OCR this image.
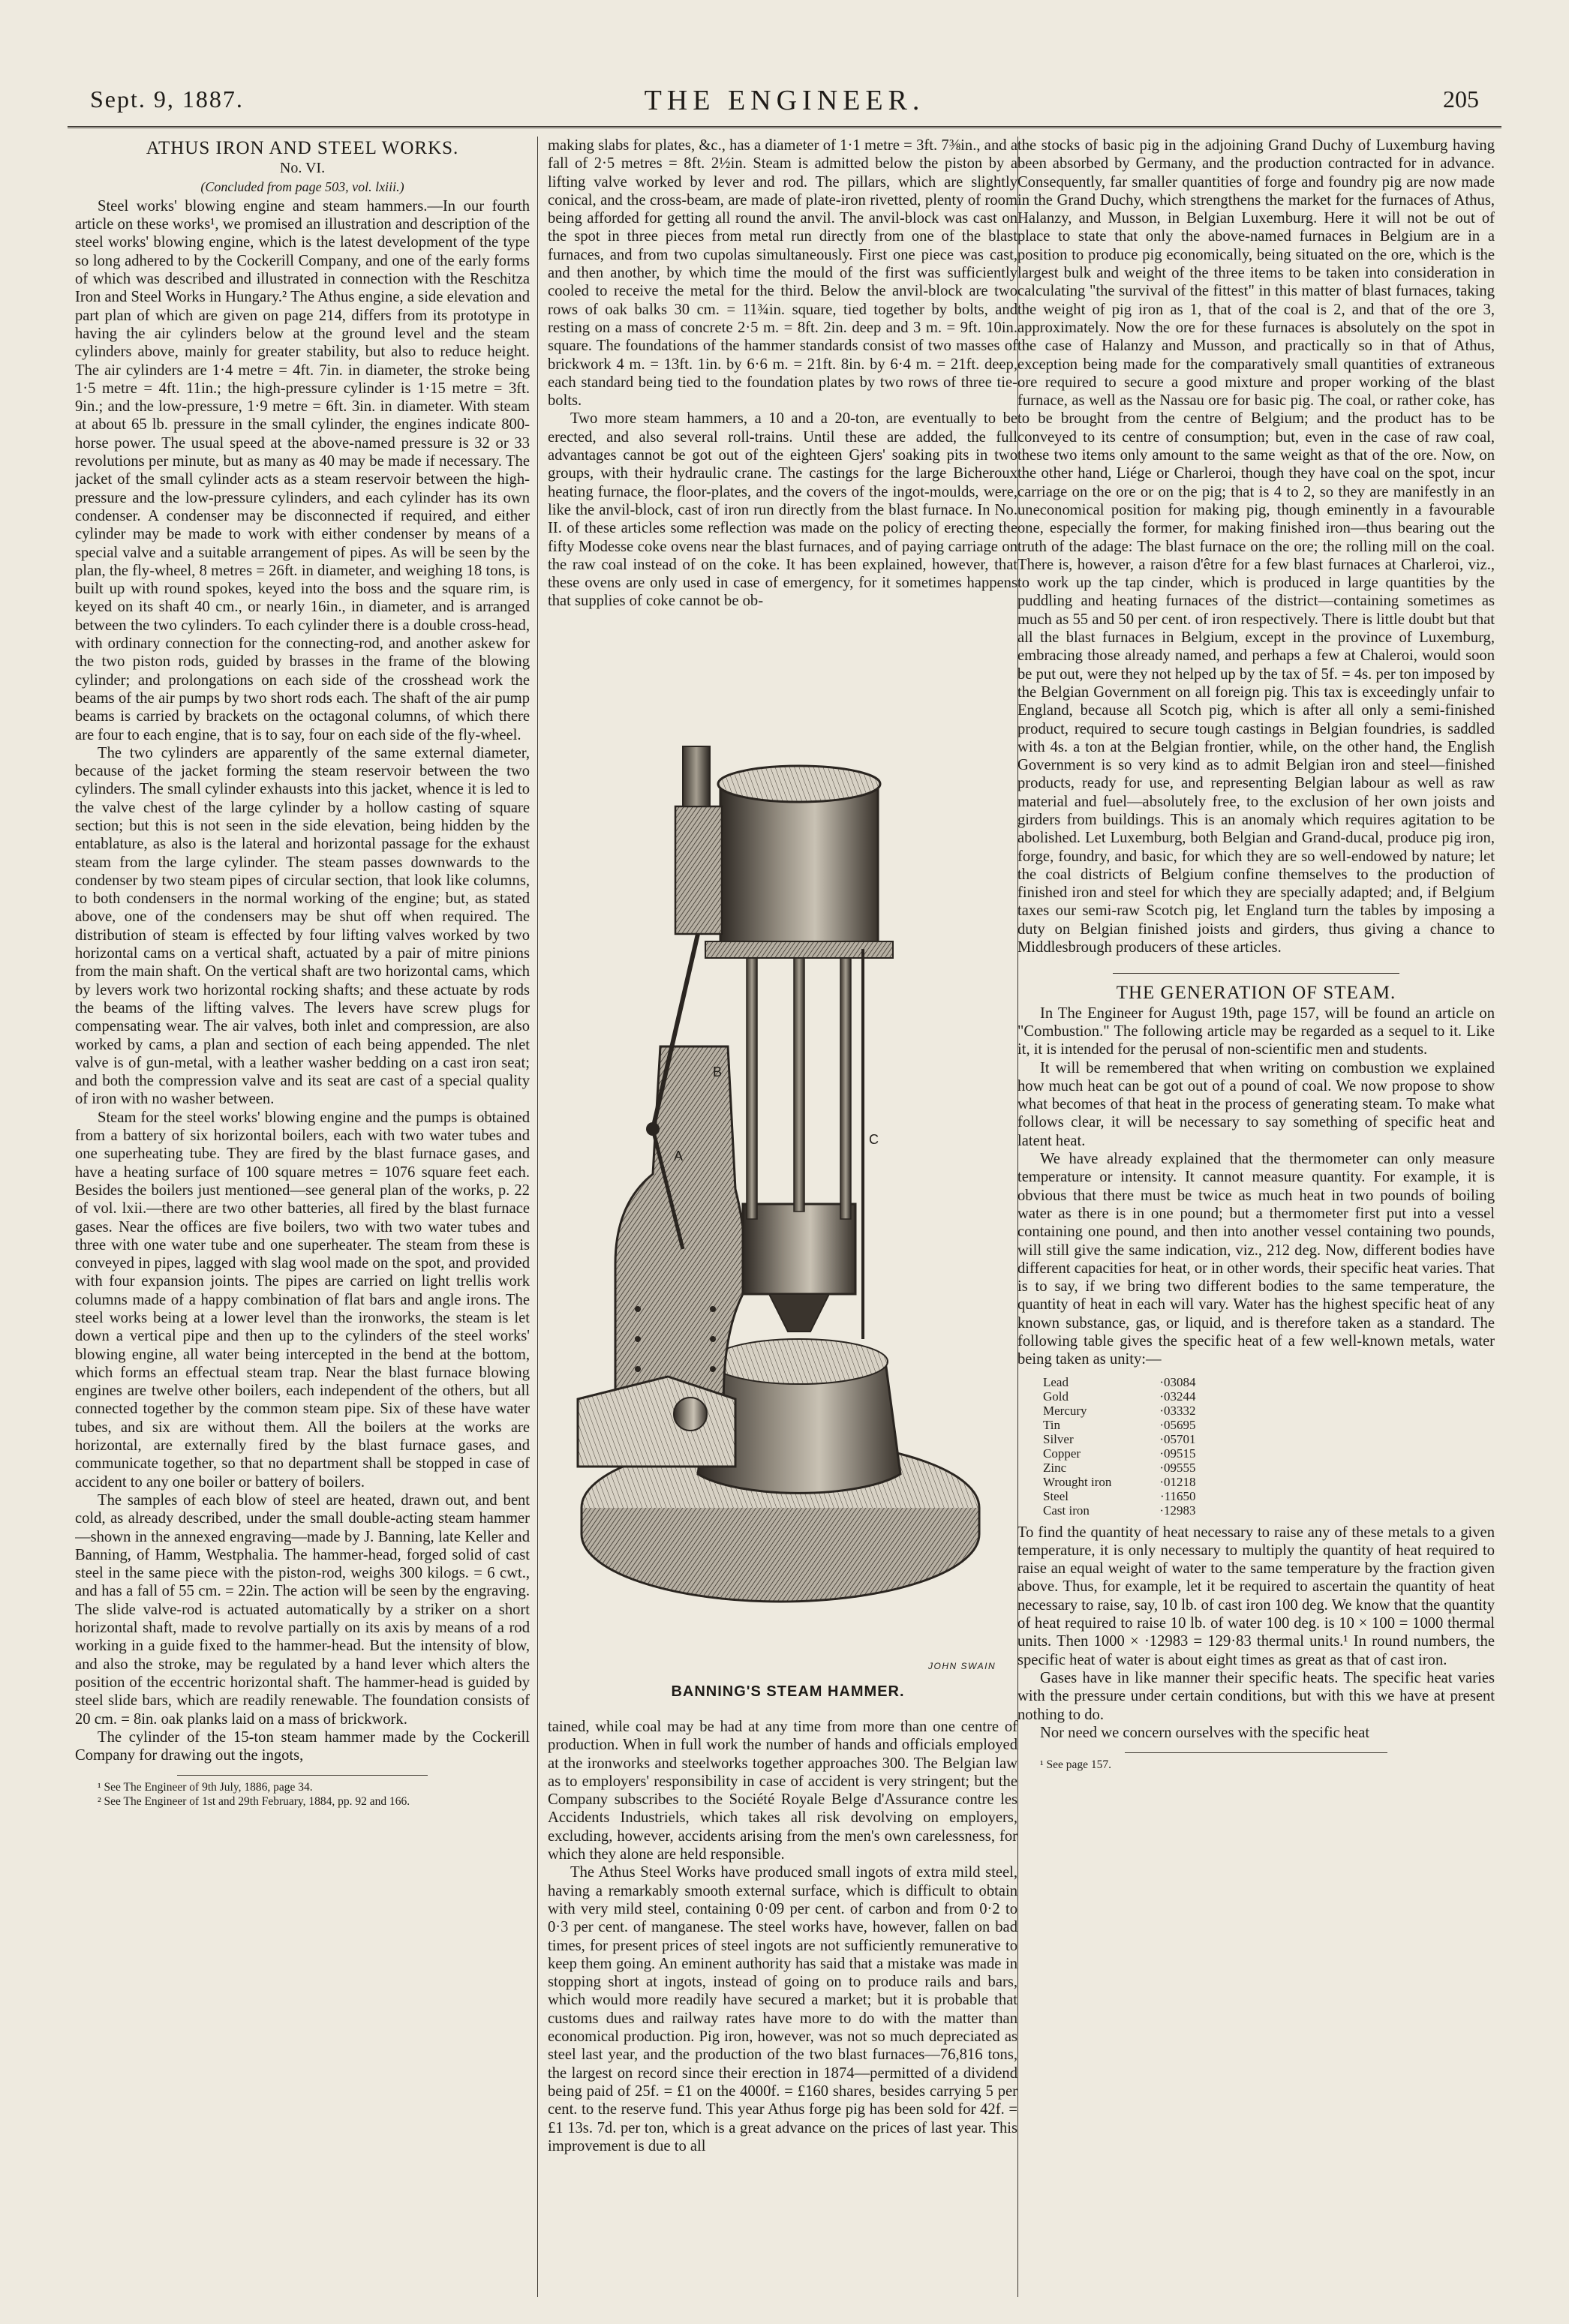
Sept. 9, 1887.	THE ENGINEER.	205
ATHUS IRON AND STEEL WORKS.
No. VI.
(Concluded from page 503, vol. lxiii.)

Steel works' blowing engine and steam hammers.—In our fourth article on these works¹, we promised an illustration and description of the steel works' blowing engine, which is the latest development of the type so long adhered to by the Cockerill Company, and one of the early forms of which was described and illustrated in connection with the Reschitza Iron and Steel Works in Hungary.² The Athus engine, a side elevation and part plan of which are given on page 214, differs from its prototype in having the air cylinders below at the ground level and the steam cylinders above, mainly for greater stability, but also to reduce height. The air cylinders are 1·4 metre = 4ft. 7in. in diameter, the stroke being 1·5 metre = 4ft. 11in.; the high-pressure cylinder is 1·15 metre = 3ft. 9in.; and the low-pressure, 1·9 metre = 6ft. 3in. in diameter. With steam at about 65 lb. pressure in the small cylinder, the engines indicate 800-horse power. The usual speed at the above-named pressure is 32 or 33 revolutions per minute, but as many as 40 may be made if necessary. The jacket of the small cylinder acts as a steam reservoir between the high-pressure and the low-pressure cylinders, and each cylinder has its own condenser. A condenser may be disconnected if required, and either cylinder may be made to work with either condenser by means of a special valve and a suitable arrangement of pipes. As will be seen by the plan, the fly-wheel, 8 metres = 26ft. in diameter, and weighing 18 tons, is built up with round spokes, keyed into the boss and the square rim, is keyed on its shaft 40 cm., or nearly 16in., in diameter, and is arranged between the two cylinders. To each cylinder there is a double cross-head, with ordinary connection for the connecting-rod, and another askew for the two piston rods, guided by brasses in the frame of the blowing cylinder; and prolongations on each side of the crosshead work the beams of the air pumps by two short rods each. The shaft of the air pump beams is carried by brackets on the octagonal columns, of which there are four to each engine, that is to say, four on each side of the fly-wheel.

The two cylinders are apparently of the same external diameter, because of the jacket forming the steam reservoir between the two cylinders. The small cylinder exhausts into this jacket, whence it is led to the valve chest of the large cylinder by a hollow casting of square section; but this is not seen in the side elevation, being hidden by the entablature, as also is the lateral and horizontal passage for the exhaust steam from the large cylinder. The steam passes downwards to the condenser by two steam pipes of circular section, that look like columns, to both condensers in the normal working of the engine; but, as stated above, one of the condensers may be shut off when required. The distribution of steam is effected by four lifting valves worked by two horizontal cams on a vertical shaft, actuated by a pair of mitre pinions from the main shaft. On the vertical shaft are two horizontal cams, which by levers work two horizontal rocking shafts; and these actuate by rods the beams of the lifting valves. The levers have screw plugs for compensating wear. The air valves, both inlet and compression, are also worked by cams, a plan and section of each being appended. The nlet valve is of gun-metal, with a leather washer bedding on a cast iron seat; and both the compression valve and its seat are cast of a special quality of iron with no washer between.

Steam for the steel works' blowing engine and the pumps is obtained from a battery of six horizontal boilers, each with two water tubes and one superheating tube. They are fired by the blast furnace gases, and have a heating surface of 100 square metres = 1076 square feet each. Besides the boilers just mentioned—see general plan of the works, p. 22 of vol. lxii.—there are two other batteries, all fired by the blast furnace gases. Near the offices are five boilers, two with two water tubes and three with one water tube and one superheater. The steam from these is conveyed in pipes, lagged with slag wool made on the spot, and provided with four expansion joints. The pipes are carried on light trellis work columns made of a happy combination of flat bars and angle irons. The steel works being at a lower level than the ironworks, the steam is let down a vertical pipe and then up to the cylinders of the steel works' blowing engine, all water being intercepted in the bend at the bottom, which forms an effectual steam trap. Near the blast furnace blowing engines are twelve other boilers, each independent of the others, but all connected together by the common steam pipe. Six of these have water tubes, and six are without them. All the boilers at the works are horizontal, are externally fired by the blast furnace gases, and communicate together, so that no department shall be stopped in case of accident to any one boiler or battery of boilers.

The samples of each blow of steel are heated, drawn out, and bent cold, as already described, under the small double-acting steam hammer—shown in the annexed engraving—made by J. Banning, late Keller and Banning, of Hamm, Westphalia. The hammer-head, forged solid of cast steel in the same piece with the piston-rod, weighs 300 kilogs. = 6 cwt., and has a fall of 55 cm. = 22in. The action will be seen by the engraving. The slide valve-rod is actuated automatically by a striker on a short horizontal shaft, made to revolve partially on its axis by means of a rod working in a guide fixed to the hammer-head. But the intensity of blow, and also the stroke, may be regulated by a hand lever which alters the position of the eccentric horizontal shaft. The hammer-head is guided by steel slide bars, which are readily renewable. The foundation consists of 20 cm. = 8in. oak planks laid on a mass of brickwork.

The cylinder of the 15-ton steam hammer made by the Cockerill Company for drawing out the ingots,

¹ See The Engineer of 9th July, 1886, page 34.

² See The Engineer of 1st and 29th February, 1884, pp. 92 and 166.

making slabs for plates, &c., has a diameter of 1·1 metre = 3ft. 7⅜in., and a fall of 2·5 metres = 8ft. 2½in. Steam is admitted below the piston by a lifting valve worked by lever and rod. The pillars, which are slightly conical, and the cross-beam, are made of plate-iron rivetted, plenty of room being afforded for getting all round the anvil. The anvil-block was cast on the spot in three pieces from metal run directly from one of the blast furnaces, and from two cupolas simultaneously. First one piece was cast, and then another, by which time the mould of the first was sufficiently cooled to receive the metal for the third. Below the anvil-block are two rows of oak balks 30 cm. = 11¾in. square, tied together by bolts, and resting on a mass of concrete 2·5 m. = 8ft. 2in. deep and 3 m. = 9ft. 10in. square. The foundations of the hammer standards consist of two masses of brickwork 4 m. = 13ft. 1in. by 6·6 m. = 21ft. 8in. by 6·4 m. = 21ft. deep, each standard being tied to the foundation plates by two rows of three tie-bolts.

Two more steam hammers, a 10 and a 20-ton, are eventually to be erected, and also several roll-trains. Until these are added, the full advantages cannot be got out of the eighteen Gjers' soaking pits in two groups, with their hydraulic crane. The castings for the large Bicheroux heating furnace, the floor-plates, and the covers of the ingot-moulds, were, like the anvil-block, cast of iron run directly from the blast furnace. In No. II. of these articles some reflection was made on the policy of erecting the fifty Modesse coke ovens near the blast furnaces, and of paying carriage on the raw coal instead of on the coke. It has been explained, however, that these ovens are only used in case of emergency, for it sometimes happens that supplies of coke cannot be ob-

A
B
C
JOHN SWAIN
BANNING'S STEAM HAMMER.

tained, while coal may be had at any time from more than one centre of production. When in full work the number of hands and officials employed at the ironworks and steelworks together approaches 300. The Belgian law as to employers' responsibility in case of accident is very stringent; but the Company subscribes to the Société Royale Belge d'Assurance contre les Accidents Industriels, which takes all risk devolving on employers, excluding, however, accidents arising from the men's own carelessness, for which they alone are held responsible.

The Athus Steel Works have produced small ingots of extra mild steel, having a remarkably smooth external surface, which is difficult to obtain with very mild steel, containing 0·09 per cent. of carbon and from 0·2 to 0·3 per cent. of manganese. The steel works have, however, fallen on bad times, for present prices of steel ingots are not sufficiently remunerative to keep them going. An eminent authority has said that a mistake was made in stopping short at ingots, instead of going on to produce rails and bars, which would more readily have secured a market; but it is probable that customs dues and railway rates have more to do with the matter than economical production. Pig iron, however, was not so much depreciated as steel last year, and the production of the two blast furnaces—76,816 tons, the largest on record since their erection in 1874—permitted of a dividend being paid of 25f. = £1 on the 4000f. = £160 shares, besides carrying 5 per cent. to the reserve fund. This year Athus forge pig has been sold for 42f. = £1 13s. 7d. per ton, which is a great advance on the prices of last year. This improvement is due to all

the stocks of basic pig in the adjoining Grand Duchy of Luxemburg having been absorbed by Germany, and the production contracted for in advance. Consequently, far smaller quantities of forge and foundry pig are now made in the Grand Duchy, which strengthens the market for the furnaces of Athus, Halanzy, and Musson, in Belgian Luxemburg. Here it will not be out of place to state that only the above-named furnaces in Belgium are in a position to produce pig economically, being situated on the ore, which is the largest bulk and weight of the three items to be taken into consideration in calculating "the survival of the fittest" in this matter of blast furnaces, taking the weight of pig iron as 1, that of the coal is 2, and that of the ore 3, approximately. Now the ore for these furnaces is absolutely on the spot in the case of Halanzy and Musson, and practically so in that of Athus, exception being made for the comparatively small quantities of extraneous ore required to secure a good mixture and proper working of the blast furnace, as well as the Nassau ore for basic pig. The coal, or rather coke, has to be brought from the centre of Belgium; and the product has to be conveyed to its centre of consumption; but, even in the case of raw coal, these two items only amount to the same weight as that of the ore. Now, on the other hand, Liége or Charleroi, though they have coal on the spot, incur carriage on the ore or on the pig; that is 4 to 2, so they are manifestly in an uneconomical position for making pig, though eminently in a favourable one, especially the former, for making finished iron—thus bearing out the truth of the adage: The blast furnace on the ore; the rolling mill on the coal. There is, however, a raison d'être for a few blast furnaces at Charleroi, viz., to work up the tap cinder, which is produced in large quantities by the puddling and heating furnaces of the district—containing sometimes as much as 55 and 50 per cent. of iron respectively. There is little doubt but that all the blast furnaces in Belgium, except in the province of Luxemburg, embracing those already named, and perhaps a few at Chaleroi, would soon be put out, were they not helped up by the tax of 5f. = 4s. per ton imposed by the Belgian Government on all foreign pig. This tax is exceedingly unfair to England, because all Scotch pig, which is after all only a semi-finished product, required to secure tough castings in Belgian foundries, is saddled with 4s. a ton at the Belgian frontier, while, on the other hand, the English Government is so very kind as to admit Belgian iron and steel—finished products, ready for use, and representing Belgian labour as well as raw material and fuel—absolutely free, to the exclusion of her own joists and girders from buildings. This is an anomaly which requires agitation to be abolished. Let Luxemburg, both Belgian and Grand-ducal, produce pig iron, forge, foundry, and basic, for which they are so well-endowed by nature; let the coal districts of Belgium confine themselves to the production of finished iron and steel for which they are specially adapted; and, if Belgium taxes our semi-raw Scotch pig, let England turn the tables by imposing a duty on Belgian finished joists and girders, thus giving a chance to Middlesbrough producers of these articles.

THE GENERATION OF STEAM.

In The Engineer for August 19th, page 157, will be found an article on "Combustion." The following article may be regarded as a sequel to it. Like it, it is intended for the perusal of non-scientific men and students.

It will be remembered that when writing on combustion we explained how much heat can be got out of a pound of coal. We now propose to show what becomes of that heat in the process of generating steam. To make what follows clear, it will be necessary to say something of specific heat and latent heat.

We have already explained that the thermometer can only measure temperature or intensity. It cannot measure quantity. For example, it is obvious that there must be twice as much heat in two pounds of boiling water as there is in one pound; but a thermometer first put into a vessel containing one pound, and then into another vessel containing two pounds, will still give the same indication, viz., 212 deg. Now, different bodies have different capacities for heat, or in other words, their specific heat varies. That is to say, if we bring two different bodies to the same temperature, the quantity of heat in each will vary. Water has the highest specific heat of any known substance, gas, or liquid, and is therefore taken as a standard. The following table gives the specific heat of a few well-known metals, water being taken as unity:—

Lead	·03084
Gold	·03244
Mercury	·03332
Tin	·05695
Silver	·05701
Copper	·09515
Zinc	·09555
Wrought iron	·01218
Steel	·11650
Cast iron	·12983

To find the quantity of heat necessary to raise any of these metals to a given temperature, it is only necessary to multiply the quantity of heat required to raise an equal weight of water to the same temperature by the fraction given above. Thus, for example, let it be required to ascertain the quantity of heat necessary to raise, say, 10 lb. of cast iron 100 deg. We know that the quantity of heat required to raise 10 lb. of water 100 deg. is 10 × 100 = 1000 thermal units. Then 1000 × ·12983 = 129·83 thermal units.¹ In round numbers, the specific heat of water is about eight times as great as that of cast iron.

Gases have in like manner their specific heats. The specific heat varies with the pressure under certain conditions, but with this we have at present nothing to do.

Nor need we concern ourselves with the specific heat

¹ See page 157.
